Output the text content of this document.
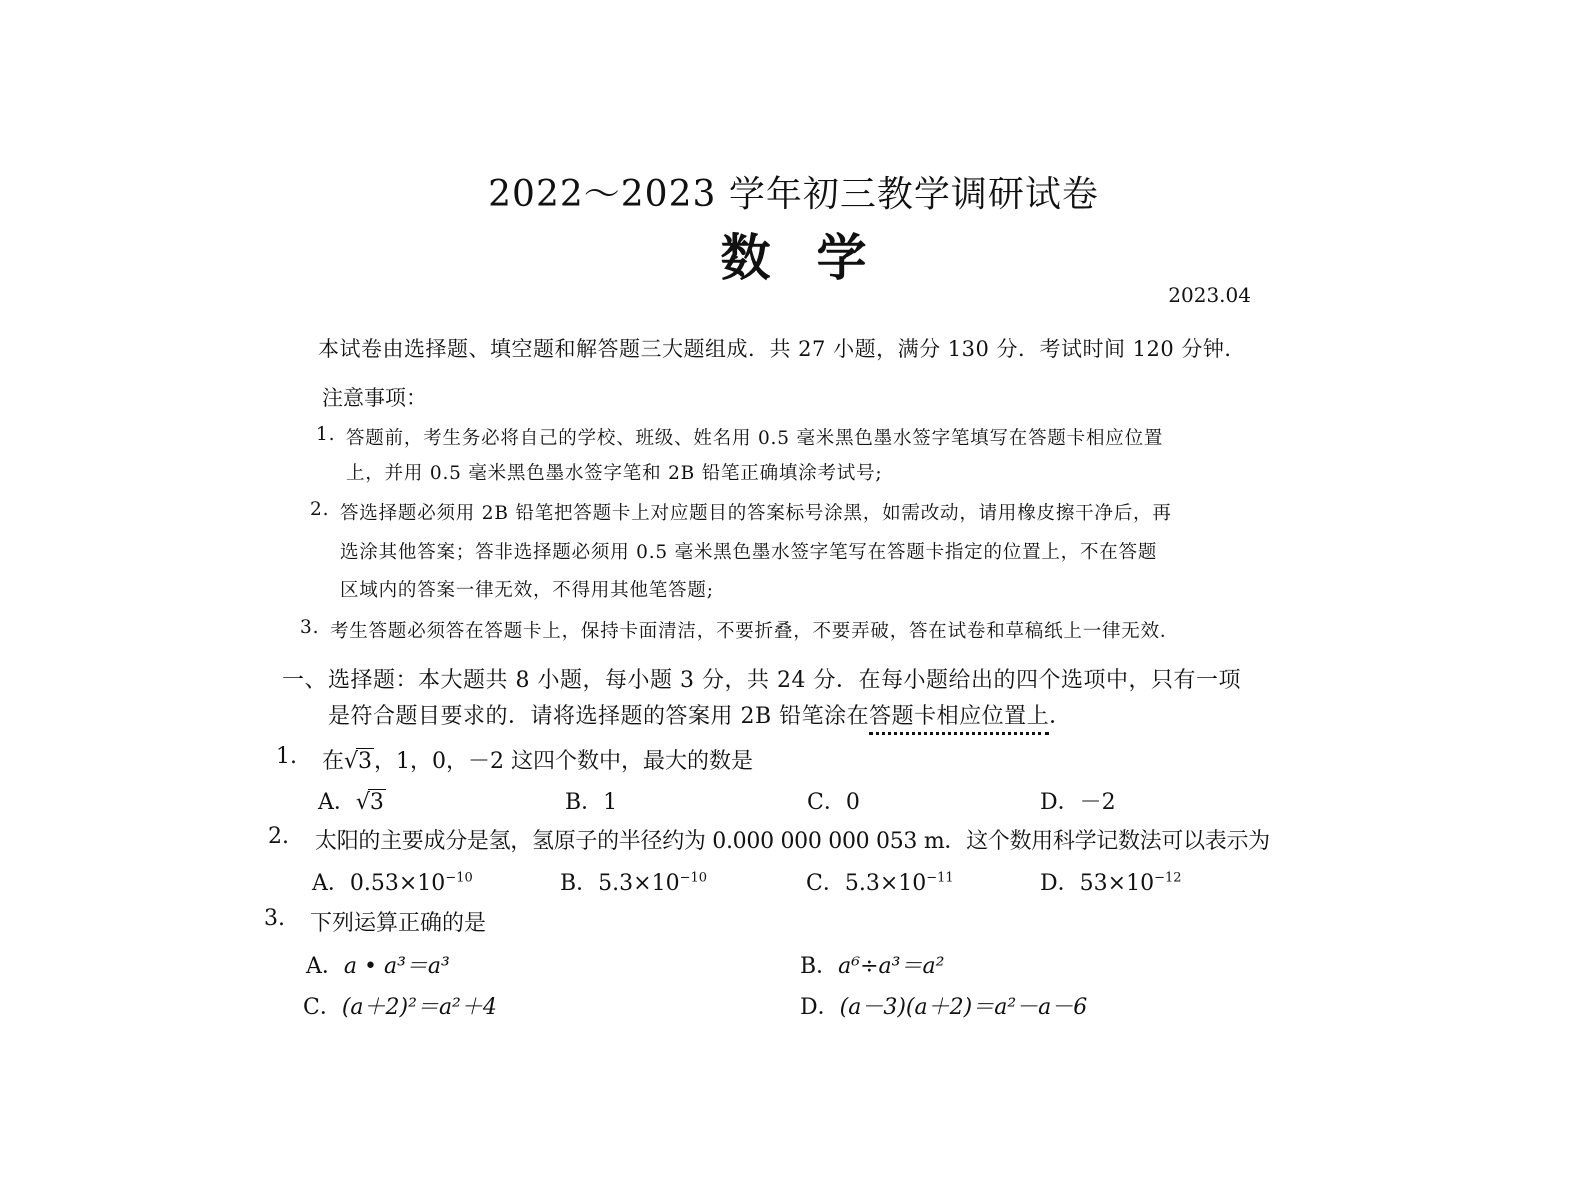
2022～2023 学年初三教学调研试卷
数学
2023.04
本试卷由选择题、填空题和解答题三大题组成．共 27 小题，满分 130 分．考试时间 120 分钟．
注意事项：
1. 答题前，考生务必将自己的学校、班级、姓名用 0.5 毫米黑色墨水签字笔填写在答题卡相应位置
上，并用 0.5 毫米黑色墨水签字笔和 2B 铅笔正确填涂考试号;
2. 答选择题必须用 2B 铅笔把答题卡上对应题目的答案标号涂黑，如需改动，请用橡皮擦干净后，再
选涂其他答案；答非选择题必须用 0.5 毫米黑色墨水签字笔写在答题卡指定的位置上，不在答题
区域内的答案一律无效，不得用其他笔答题;
3. 考生答题必须答在答题卡上，保持卡面清洁，不要折叠，不要弄破，答在试卷和草稿纸上一律无效．
一、 选择题：本大题共 8 小题，每小题 3 分，共 24 分．在每小题给出的四个选项中，只有一项
是符合题目要求的．请将选择题的答案用 2B 铅笔涂在答题卡相应位置上．
1. 在√3，1，0，－2 这四个数中，最大的数是
A．√3	B．1	C．0	D．－2
2. 太阳的主要成分是氢，氢原子的半径约为 0.000 000 000 053 m．这个数用科学记数法可以表示为
A．$0.53\times 10^{-10}$	B．$5.3\times 10^{-10}$	C．$5.3\times 10^{-11}$	D．$53\times 10^{-12}$
3. 下列运算正确的是
A．a • a³＝a³	B．a⁶÷a³＝a²
C．(a＋2)²＝a²＋4	D．(a－3)(a＋2)＝a²－a－6
